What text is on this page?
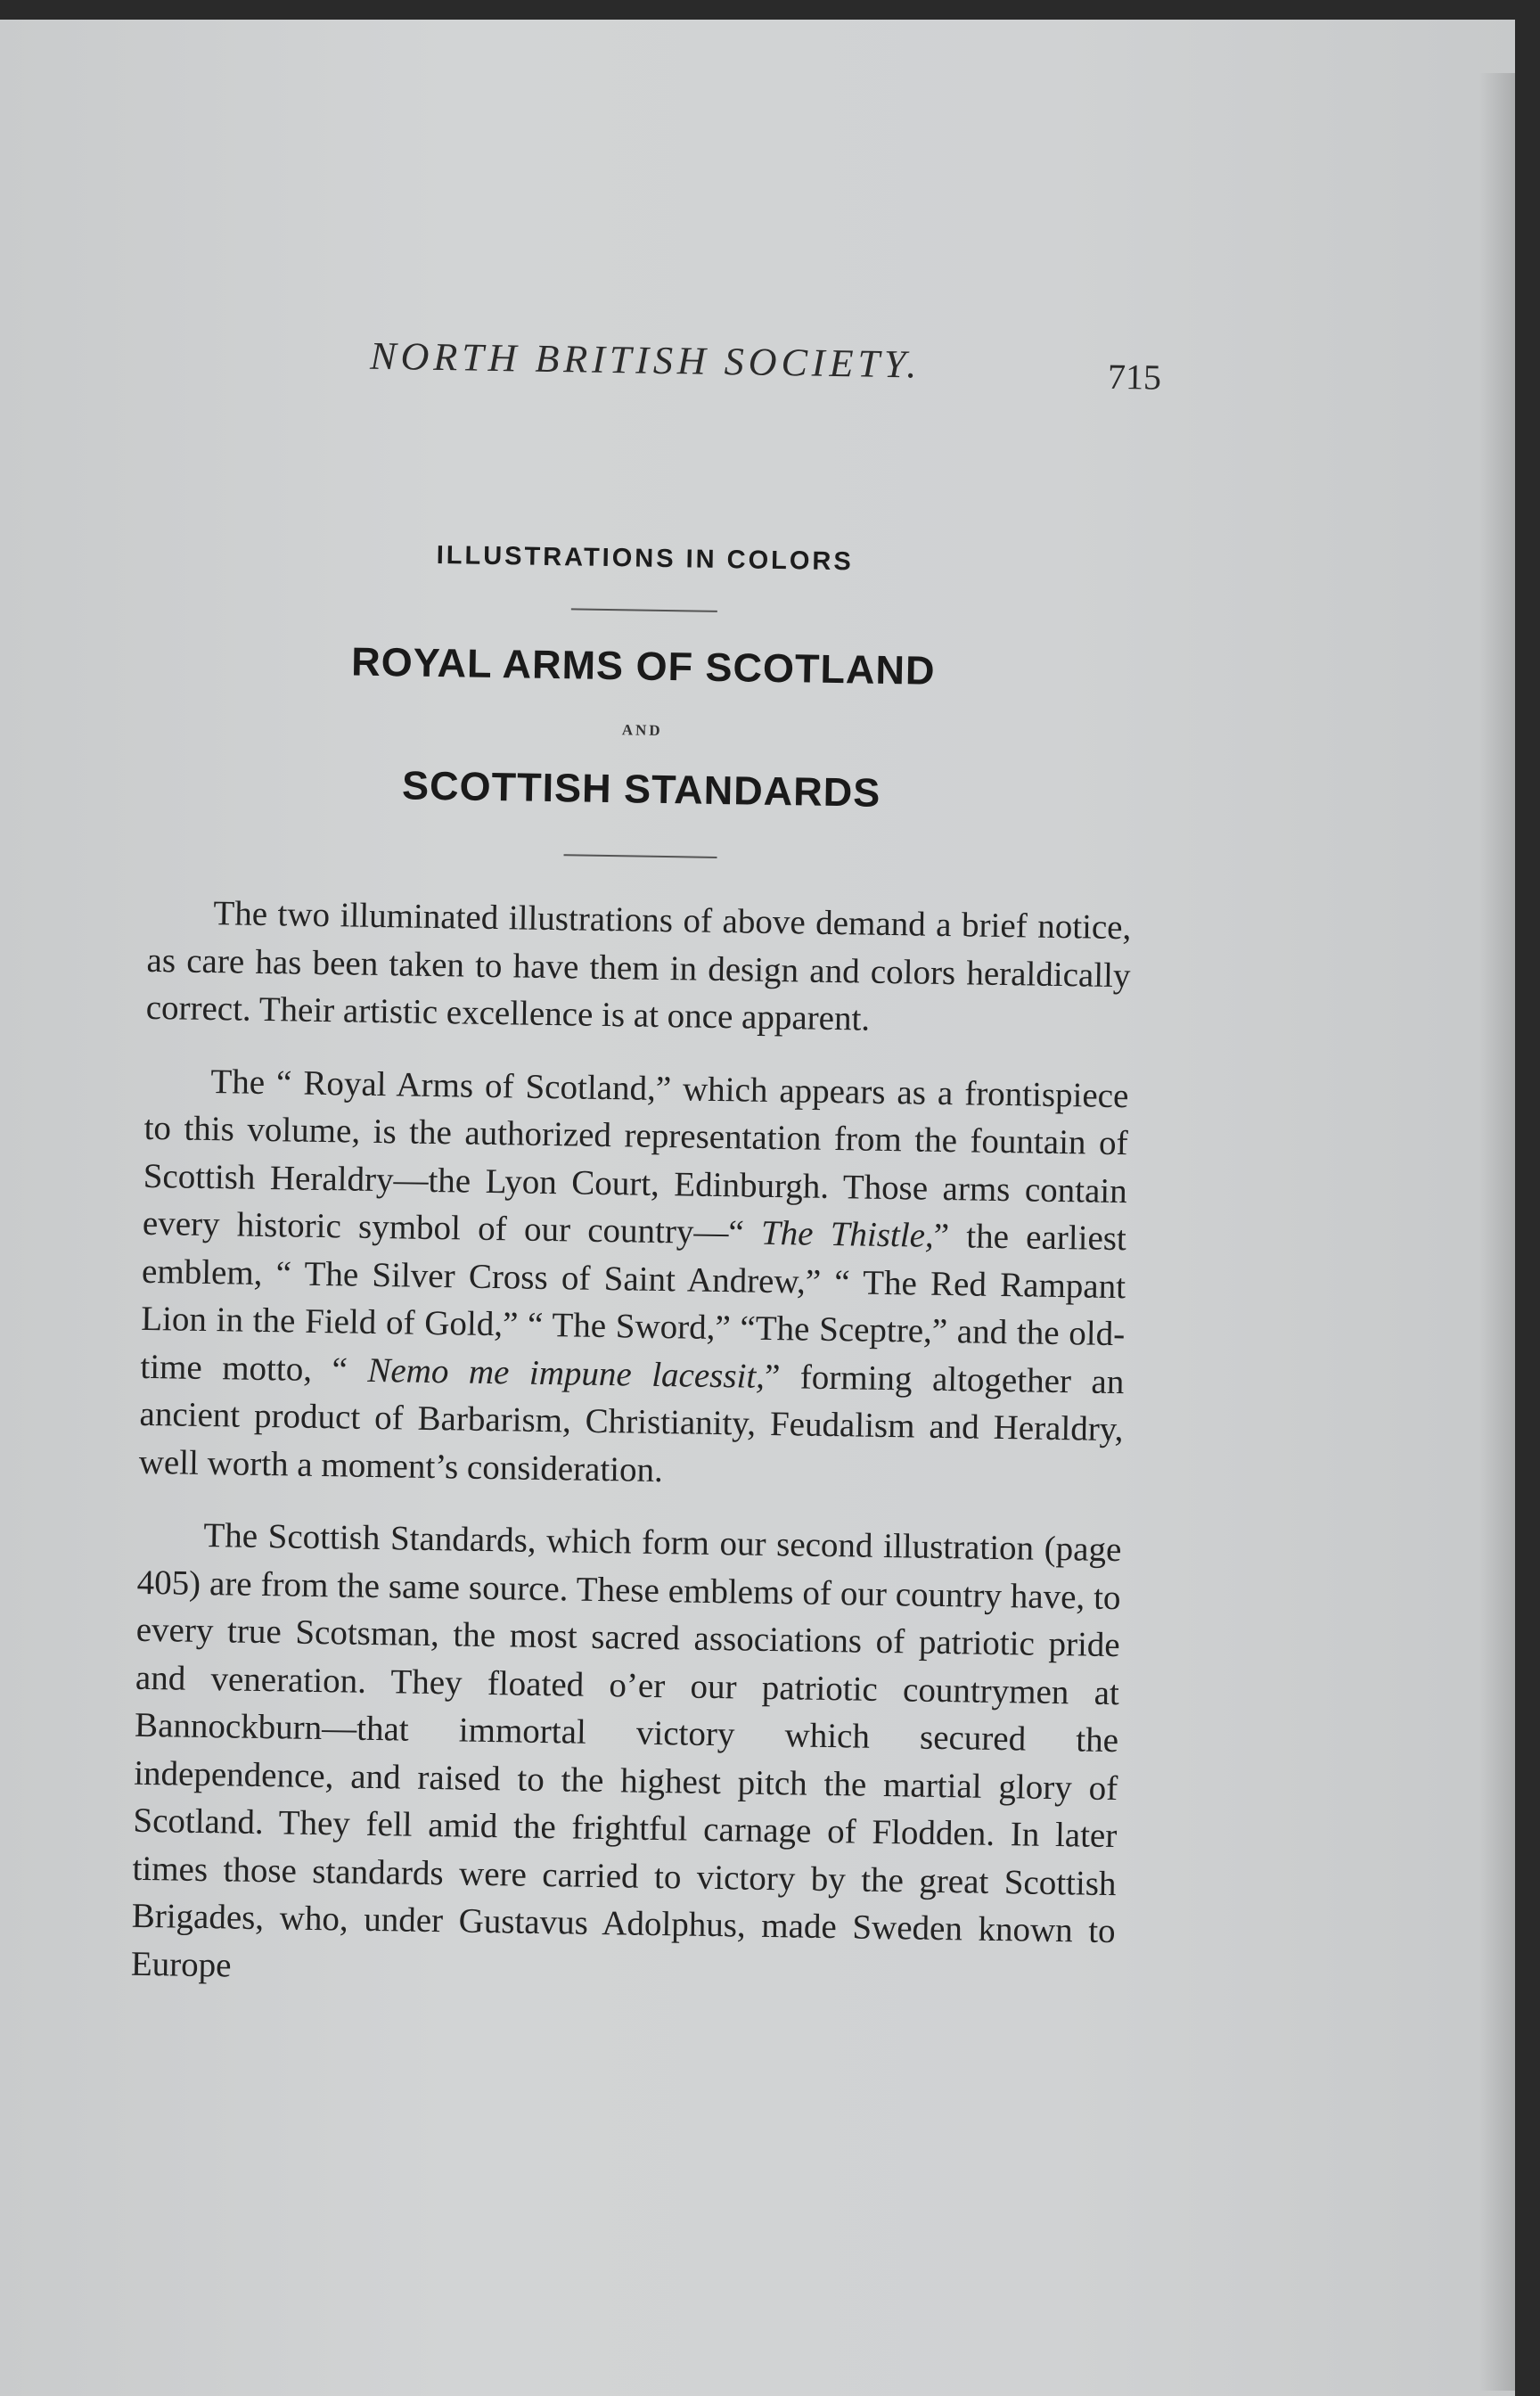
NORTH BRITISH SOCIETY.	715
ILLUSTRATIONS IN COLORS
ROYAL ARMS OF SCOTLAND
AND
SCOTTISH STANDARDS

The two illuminated illustrations of above demand a brief notice, as care has been taken to have them in design and colors heraldically correct. Their artistic excellence is at once apparent.

The “ Royal Arms of Scotland,” which appears as a frontispiece to this volume, is the authorized representation from the fountain of Scottish Heraldry—the Lyon Court, Edinburgh. Those arms contain every historic symbol of our country—“ The Thistle,” the earliest emblem, “ The Silver Cross of Saint Andrew,” “ The Red Rampant Lion in the Field of Gold,” “ The Sword,” “The Sceptre,” and the old-time motto, “ Nemo me impune lacessit,” forming altogether an ancient product of Barbarism, Christianity, Feudalism and Heraldry, well worth a moment’s consideration.

The Scottish Standards, which form our second illustration (page 405) are from the same source. These emblems of our country have, to every true Scotsman, the most sacred associations of patriotic pride and veneration. They floated o’er our patriotic countrymen at Bannockburn—that immortal victory which secured the independence, and raised to the highest pitch the martial glory of Scotland. They fell amid the frightful carnage of Flodden. In later times those standards were carried to victory by the great Scottish Brigades, who, under Gustavus Adolphus, made Sweden known to Europe
